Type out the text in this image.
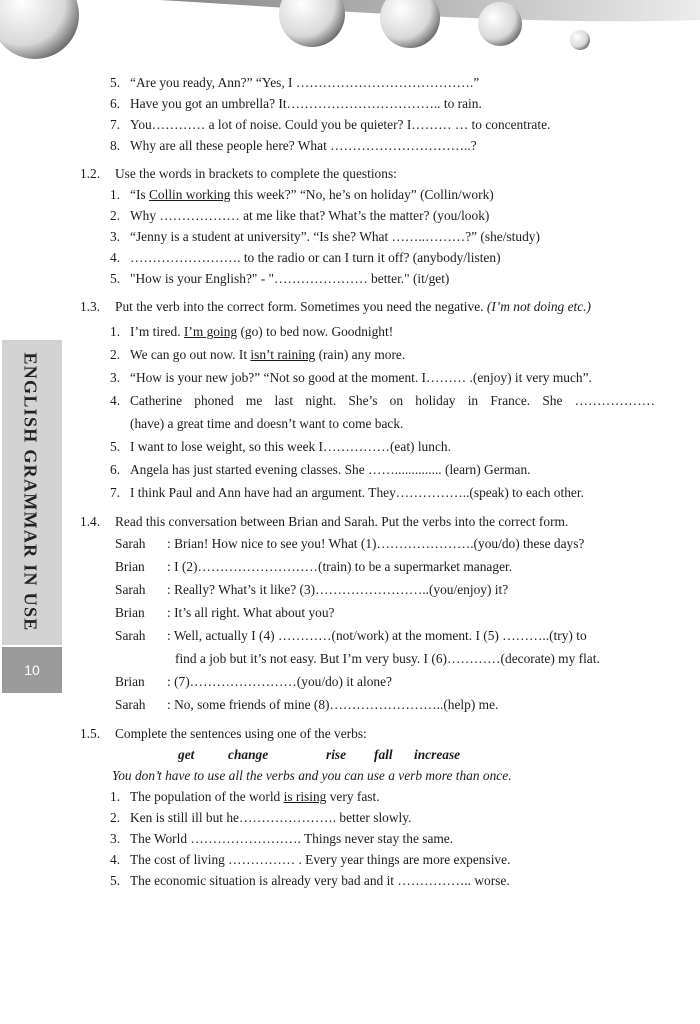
ENGLISH GRAMMAR IN USE
10
5. “Are you ready, Ann?” “Yes, I ………………………………….”
6. Have you got an umbrella? It…………………………….. to rain.
7. You………… a lot of noise. Could you be quieter? I……… … to concentrate.
8. Why are all these people here? What …………………………..?
1.2. Use the words in brackets to complete the questions:
1. “Is Collin working this week?” “No, he’s on holiday” (Collin/work)
2. Why ……………… at me like that? What’s the matter? (you/look)
3. “Jenny is a student at university”. “Is she? What ……..………?” (she/study)
4. ……………………. to the radio or can I turn it off? (anybody/listen)
5. "How is your English?" - "………………… better." (it/get)
1.3. Put the verb into the correct form. Sometimes you need the negative. (I’m not doing etc.)
1. I’m tired. I’m going (go) to bed now. Goodnight!
2. We can go out now. It isn’t raining (rain) any more.
3. “How is your new job?” “Not so good at the moment. I……… .(enjoy) it very much”.
4. Catherine phoned me last night. She’s on holiday in France. She ………………
(have) a great time and doesn’t want to come back.
5. I want to lose weight, so this week I……………(eat) lunch.
6. Angela has just started evening classes. She …….............. (learn) German.
7. I think Paul and Ann have had an argument. They……………..(speak) to each other.
1.4. Read this conversation between Brian and Sarah. Put the verbs into the correct form.
Sarah : Brian! How nice to see you! What (1)………………….(you/do) these days?
Brian : I (2)………………………(train) to be a supermarket manager.
Sarah : Really? What’s it like? (3)……………………..(you/enjoy) it?
Brian : It’s all right. What about you?
Sarah : Well, actually I (4) …………(not/work) at the moment. I (5) ………..(try) to
find a job but it’s not easy. But I’m very busy. I (6)…………(decorate) my flat.
Brian : (7)……………………(you/do) it alone?
Sarah : No, some friends of mine (8)……………………..(help) me.
1.5. Complete the sentences using one of the verbs:
get	change	rise fall increase
You don’t have to use all the verbs and you can use a verb more than once.
1. The population of the world is rising very fast.
2. Ken is still ill but he…………………. better slowly.
3. The World ……………………. Things never stay the same.
4. The cost of living …………… . Every year things are more expensive.
5. The economic situation is already very bad and it …………….. worse.
